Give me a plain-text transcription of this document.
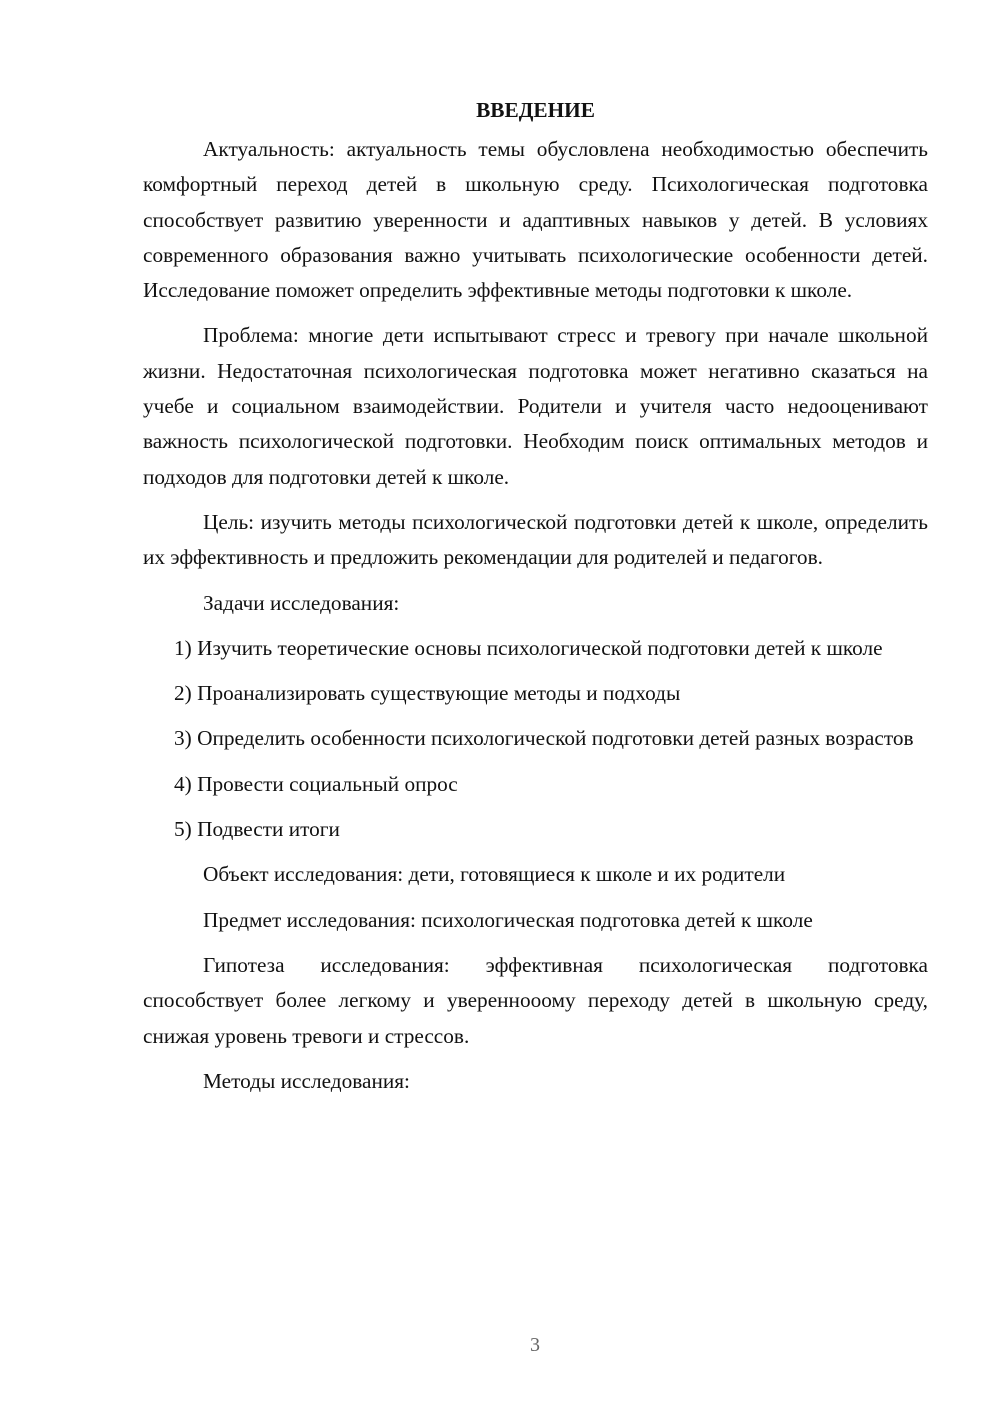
ВВЕДЕНИЕ

Актуальность: актуальность темы обусловлена необходимостью обеспечить комфортный переход детей в школьную среду. Психологическая подготовка способствует развитию уверенности и адаптивных навыков у детей. В условиях современного образования важно учитывать психологические особенности детей. Исследование поможет определить эффективные методы подготовки к школе.

Проблема: многие дети испытывают стресс и тревогу при начале школьной жизни. Недостаточная психологическая подготовка может негативно сказаться на учебе и социальном взаимодействии. Родители и учителя часто недооценивают важность психологической подготовки. Необходим поиск оптимальных методов и подходов для подготовки детей к школе.

Цель: изучить методы психологической подготовки детей к школе, определить их эффективность и предложить рекомендации для родителей и педагогов.

Задачи исследования:

1) Изучить теоретические основы психологической подготовки детей к школе

2) Проанализировать существующие методы и подходы

3) Определить особенности психологической подготовки детей разных возрастов

4) Провести социальный опрос

5) Подвести итоги

Объект исследования: дети, готовящиеся к школе и их родители

Предмет исследования: психологическая подготовка детей к школе

Гипотеза исследования: эффективная психологическая подготовка способствует более легкому и увереннооому переходу детей в школьную среду, снижая уровень тревоги и стрессов.

Методы исследования:

3
